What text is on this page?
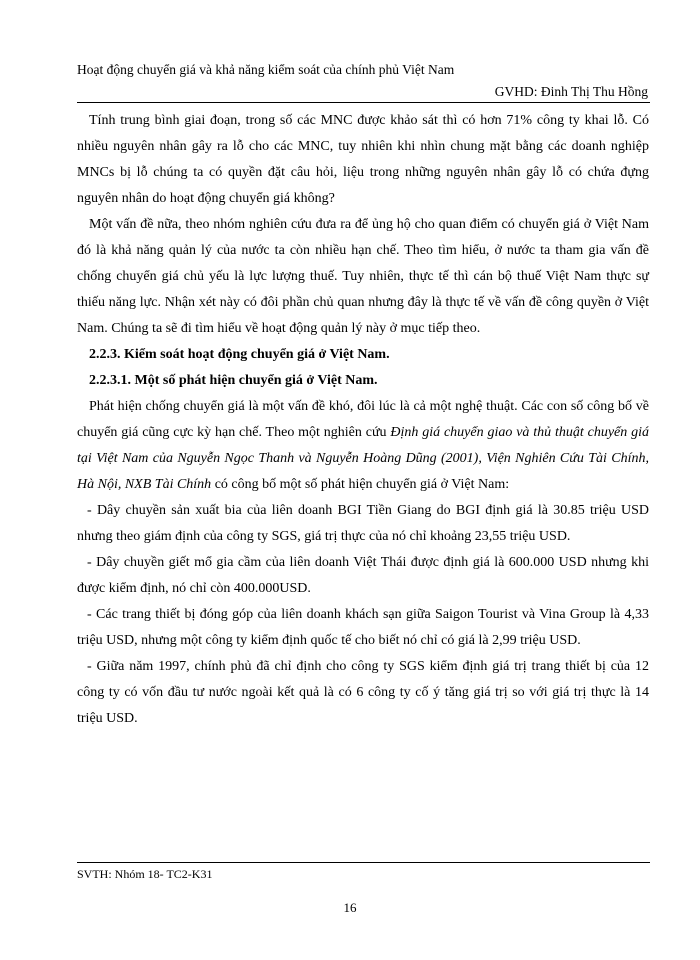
Hoạt động chuyển giá và khả năng kiểm soát của chính phủ Việt Nam
GVHD: Đinh Thị Thu Hồng

Tính trung bình giai đoạn, trong số các MNC được khảo sát thì có hơn 71% công ty khai lỗ. Có nhiều nguyên nhân gây ra lỗ cho các MNC, tuy nhiên khi nhìn chung mặt bằng các doanh nghiệp MNCs bị lỗ chúng ta có quyền đặt câu hỏi, liệu trong những nguyên nhân gây lỗ có chứa đựng nguyên nhân do hoạt động chuyển giá không?

Một vấn đề nữa, theo nhóm nghiên cứu đưa ra để ủng hộ cho quan điểm có chuyển giá ở Việt Nam đó là khả năng quản lý của nước ta còn nhiều hạn chế. Theo tìm hiểu, ở nước ta tham gia vấn đề chống chuyển giá chủ yếu là lực lượng thuế. Tuy nhiên, thực tế thì cán bộ thuế Việt Nam thực sự thiếu năng lực. Nhận xét này có đôi phần chủ quan nhưng đây là thực tế về vấn đề công quyền ở Việt Nam. Chúng ta sẽ đi tìm hiểu về hoạt động quản lý này ở mục tiếp theo.

2.2.3. Kiểm soát hoạt động chuyển giá ở Việt Nam.

2.2.3.1. Một số phát hiện chuyển giá ở Việt Nam.

Phát hiện chống chuyển giá là một vấn đề khó, đôi lúc là cả một nghệ thuật. Các con số công bố về chuyển giá cũng cực kỳ hạn chế. Theo một nghiên cứu Định giá chuyển giao và thủ thuật chuyển giá tại Việt Nam của Nguyễn Ngọc Thanh và Nguyễn Hoàng Dũng (2001), Viện Nghiên Cứu Tài Chính, Hà Nội, NXB Tài Chính có công bố một số phát hiện chuyển giá ở Việt Nam:

- Dây chuyền sản xuất bia của liên doanh BGI Tiền Giang do BGI định giá là 30.85 triệu USD nhưng theo giám định của công ty SGS, giá trị thực của nó chỉ khoảng 23,55 triệu USD.

- Dây chuyền giết mổ gia cầm của liên doanh Việt Thái được định giá là 600.000 USD nhưng khi được kiểm định, nó chỉ còn 400.000USD.

- Các trang thiết bị đóng góp của liên doanh khách sạn giữa Saigon Tourist và Vina Group là 4,33 triệu USD, nhưng một công ty kiểm định quốc tế cho biết nó chỉ có giá là 2,99 triệu USD.

- Giữa năm 1997, chính phủ đã chỉ định cho công ty SGS kiểm định giá trị trang thiết bị của 12 công ty có vốn đầu tư nước ngoài kết quả là có 6 công ty cố ý tăng giá trị so với giá trị thực là 14 triệu USD.

SVTH: Nhóm 18- TC2-K31
16
